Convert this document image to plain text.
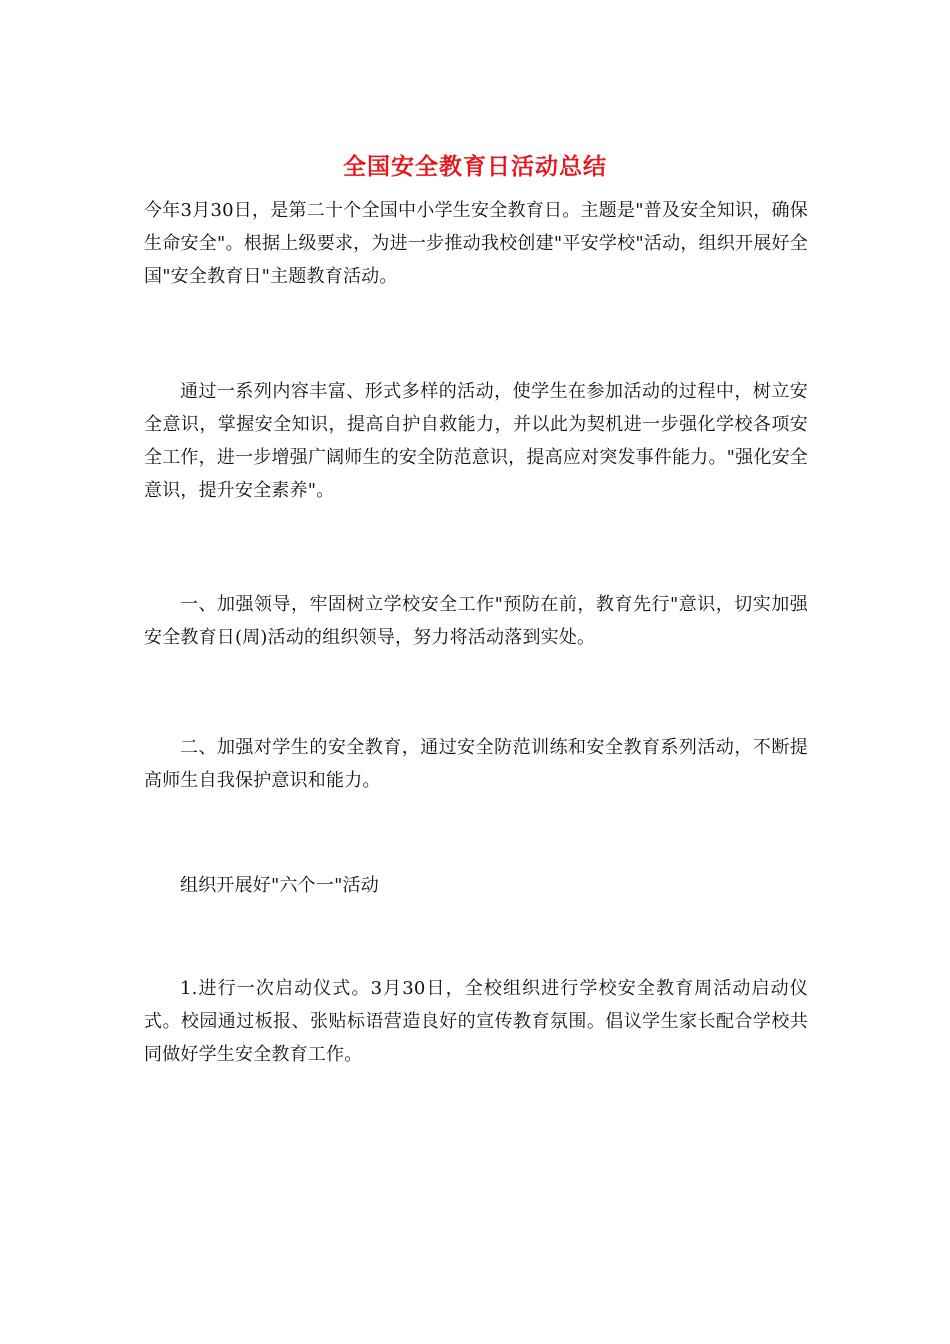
全国安全教育日活动总结

今年3月30日，是第二十个全国中小学生安全教育日。主题是"普及安全知识，确保生命安全"。根据上级要求，为进一步推动我校创建"平安学校"活动，组织开展好全国"安全教育日"主题教育活动。

通过一系列内容丰富、形式多样的活动，使学生在参加活动的过程中，树立安全意识，掌握安全知识，提高自护自救能力，并以此为契机进一步强化学校各项安全工作，进一步增强广阔师生的安全防范意识，提高应对突发事件能力。"强化安全意识，提升安全素养"。

一、加强领导，牢固树立学校安全工作"预防在前，教育先行"意识，切实加强安全教育日(周)活动的组织领导，努力将活动落到实处。

二、加强对学生的安全教育，通过安全防范训练和安全教育系列活动，不断提高师生自我保护意识和能力。

组织开展好"六个一"活动

1.进行一次启动仪式。3月30日，全校组织进行学校安全教育周活动启动仪式。校园通过板报、张贴标语营造良好的宣传教育氛围。倡议学生家长配合学校共同做好学生安全教育工作。
